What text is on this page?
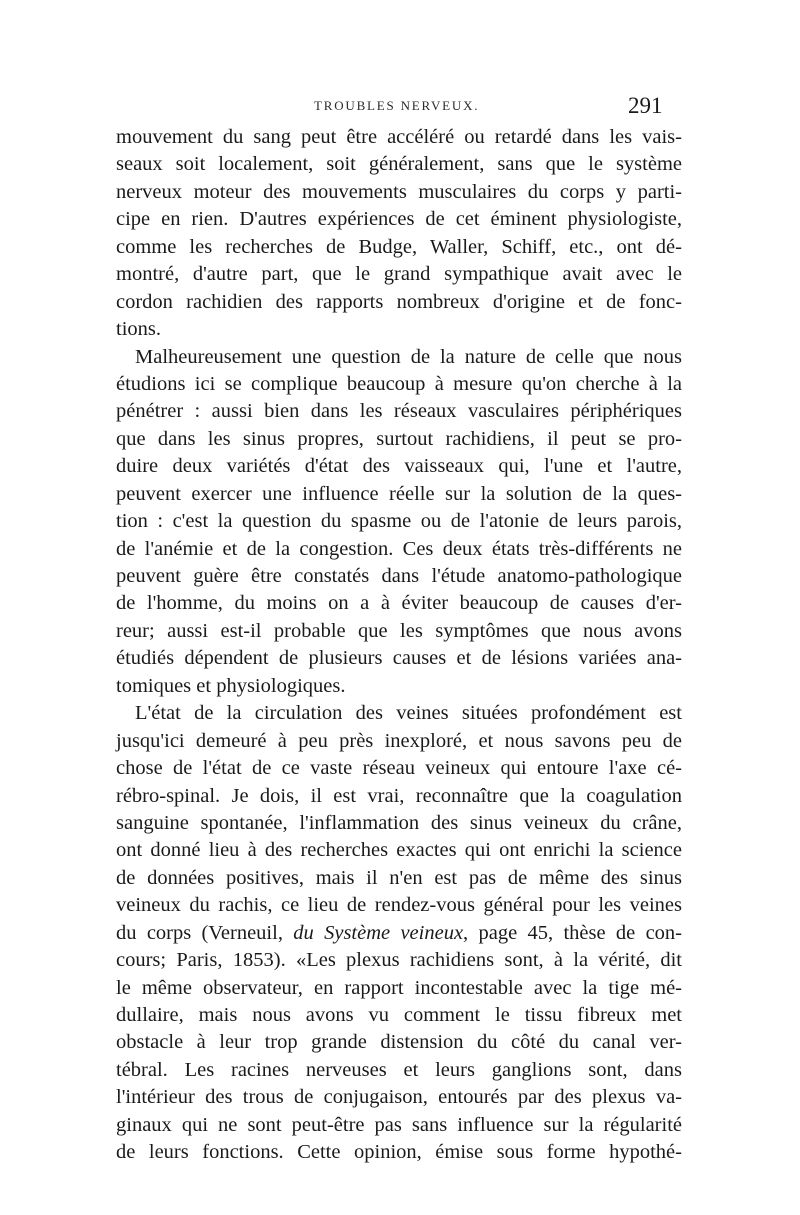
TROUBLES NERVEUX.	291
mouvement du sang peut être accéléré ou retardé dans les vais-
seaux soit localement, soit généralement, sans que le système
nerveux moteur des mouvements musculaires du corps y parti-
cipe en rien. D'autres expériences de cet éminent physiologiste,
comme les recherches de Budge, Waller, Schiff, etc., ont dé-
montré, d'autre part, que le grand sympathique avait avec le
cordon rachidien des rapports nombreux d'origine et de fonc-
tions.
Malheureusement une question de la nature de celle que nous
étudions ici se complique beaucoup à mesure qu'on cherche à la
pénétrer : aussi bien dans les réseaux vasculaires périphériques
que dans les sinus propres, surtout rachidiens, il peut se pro-
duire deux variétés d'état des vaisseaux qui, l'une et l'autre,
peuvent exercer une influence réelle sur la solution de la ques-
tion : c'est la question du spasme ou de l'atonie de leurs parois,
de l'anémie et de la congestion. Ces deux états très-différents ne
peuvent guère être constatés dans l'étude anatomo-pathologique
de l'homme, du moins on a à éviter beaucoup de causes d'er-
reur; aussi est-il probable que les symptômes que nous avons
étudiés dépendent de plusieurs causes et de lésions variées ana-
tomiques et physiologiques.
L'état de la circulation des veines situées profondément est
jusqu'ici demeuré à peu près inexploré, et nous savons peu de
chose de l'état de ce vaste réseau veineux qui entoure l'axe cé-
rébro-spinal. Je dois, il est vrai, reconnaître que la coagulation
sanguine spontanée, l'inflammation des sinus veineux du crâne,
ont donné lieu à des recherches exactes qui ont enrichi la science
de données positives, mais il n'en est pas de même des sinus
veineux du rachis, ce lieu de rendez-vous général pour les veines
du corps (Verneuil, du Système veineux, page 45, thèse de con-
cours; Paris, 1853). «Les plexus rachidiens sont, à la vérité, dit
le même observateur, en rapport incontestable avec la tige mé-
dullaire, mais nous avons vu comment le tissu fibreux met
obstacle à leur trop grande distension du côté du canal ver-
tébral. Les racines nerveuses et leurs ganglions sont, dans
l'intérieur des trous de conjugaison, entourés par des plexus va-
ginaux qui ne sont peut-être pas sans influence sur la régularité
de leurs fonctions. Cette opinion, émise sous forme hypothé-
